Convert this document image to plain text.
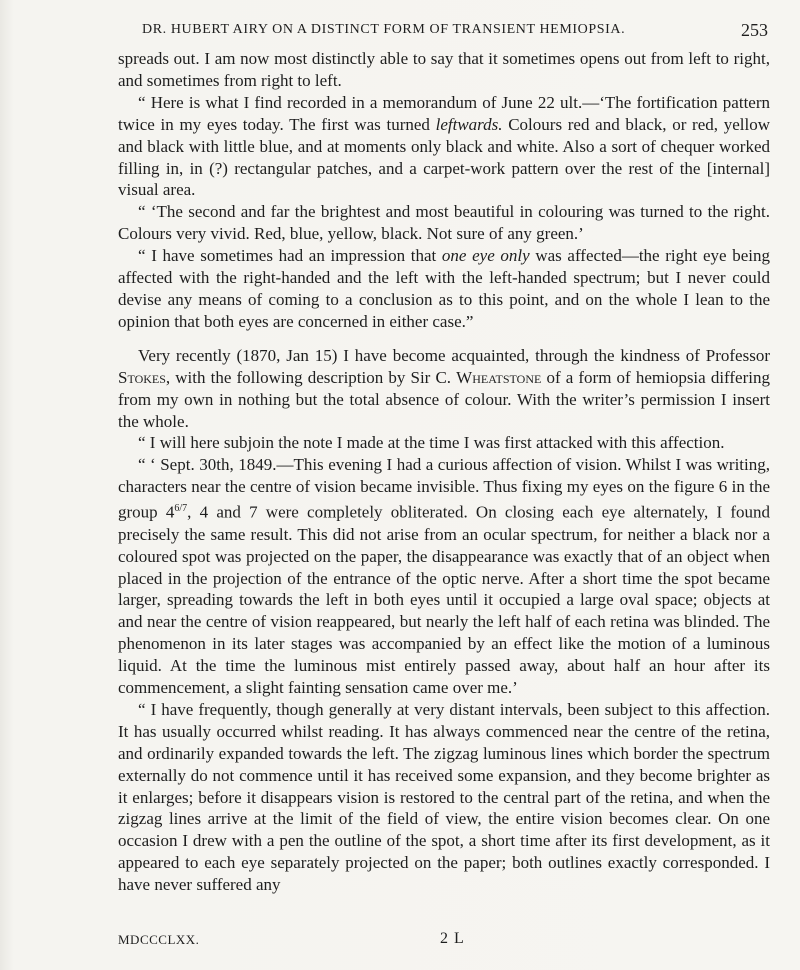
DR. HUBERT AIRY ON A DISTINCT FORM OF TRANSIENT HEMIOPSIA.	253

spreads out. I am now most distinctly able to say that it sometimes opens out from left to right, and sometimes from right to left.

“ Here is what I find recorded in a memorandum of June 22 ult.—‘The fortification pattern twice in my eyes today. The first was turned leftwards. Colours red and black, or red, yellow and black with little blue, and at moments only black and white. Also a sort of chequer worked filling in, in (?) rectangular patches, and a carpet-work pattern over the rest of the [internal] visual area.

“ ‘The second and far the brightest and most beautiful in colouring was turned to the right. Colours very vivid. Red, blue, yellow, black. Not sure of any green.’

“ I have sometimes had an impression that one eye only was affected—the right eye being affected with the right-handed and the left with the left-handed spectrum; but I never could devise any means of coming to a conclusion as to this point, and on the whole I lean to the opinion that both eyes are concerned in either case.”

Very recently (1870, Jan 15) I have become acquainted, through the kindness of Professor Stokes, with the following description by Sir C. Wheatstone of a form of hemiopsia differing from my own in nothing but the total absence of colour. With the writer’s permission I insert the whole.

“ I will here subjoin the note I made at the time I was first attacked with this affection.

“ ‘ Sept. 30th, 1849.—This evening I had a curious affection of vision. Whilst I was writing, characters near the centre of vision became invisible. Thus fixing my eyes on the figure 6 in the group $4^{6/7}$, 4 and 7 were completely obliterated. On closing each eye alternately, I found precisely the same result. This did not arise from an ocular spectrum, for neither a black nor a coloured spot was projected on the paper, the disappearance was exactly that of an object when placed in the projection of the entrance of the optic nerve. After a short time the spot became larger, spreading towards the left in both eyes until it occupied a large oval space; objects at and near the centre of vision reappeared, but nearly the left half of each retina was blinded. The phenomenon in its later stages was accompanied by an effect like the motion of a luminous liquid. At the time the luminous mist entirely passed away, about half an hour after its commencement, a slight fainting sensation came over me.’

“ I have frequently, though generally at very distant intervals, been subject to this affection. It has usually occurred whilst reading. It has always commenced near the centre of the retina, and ordinarily expanded towards the left. The zigzag luminous lines which border the spectrum externally do not commence until it has received some expansion, and they become brighter as it enlarges; before it disappears vision is restored to the central part of the retina, and when the zigzag lines arrive at the limit of the field of view, the entire vision becomes clear. On one occasion I drew with a pen the outline of the spot, a short time after its first development, as it appeared to each eye separately projected on the paper; both outlines exactly corresponded. I have never suffered any

MDCCCLXX.	2 L
